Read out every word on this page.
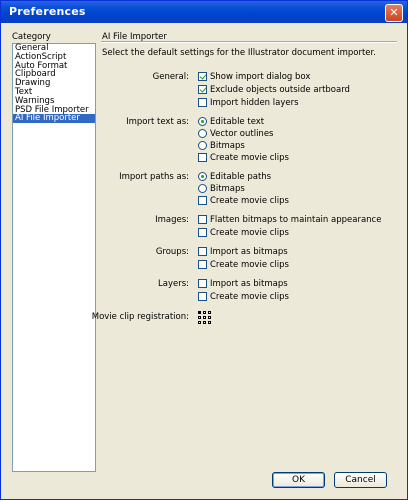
Preferences	✕
Category
General
ActionScript
Auto Format
Clipboard
Drawing
Text
Warnings
PSD File Importer
AI File Importer
AI File Importer
Select the default settings for the Illustrator document importer.
General: Show import dialog box
Exclude objects outside artboard
Import hidden layers
Import text as: Editable text
Vector outlines
Bitmaps
Create movie clips
Import paths as: Editable paths
Bitmaps
Create movie clips
Images: Flatten bitmaps to maintain appearance
Create movie clips
Groups: Import as bitmaps
Create movie clips
Layers: Import as bitmaps
Create movie clips
Movie clip registration:
OK	Cancel
